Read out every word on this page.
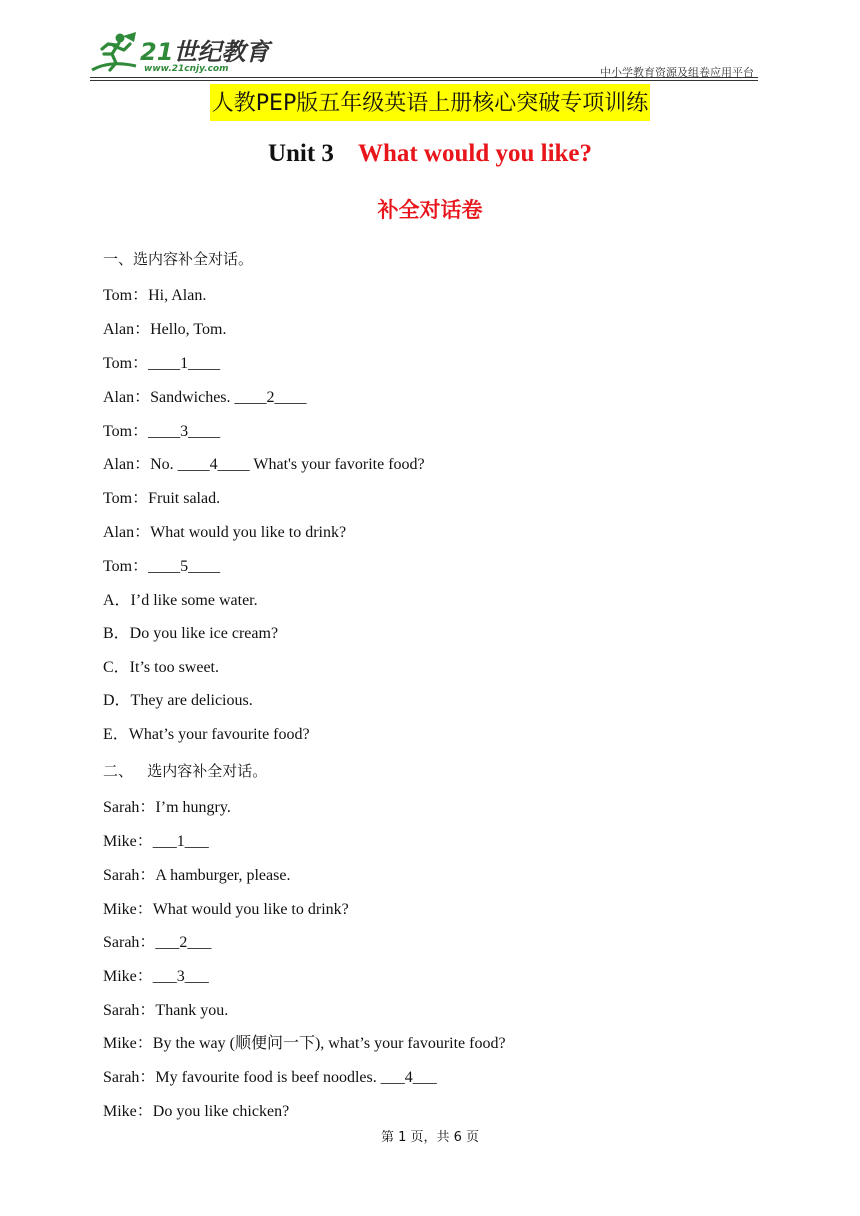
21世纪教育
www.21cnjy.com	中小学教育资源及组卷应用平台
人教PEP版五年级英语上册核心突破专项训练
Unit 3 What would you like?
补全对话卷
一、选内容补全对话。
Tom：Hi, Alan.
Alan：Hello, Tom.
Tom：____1____
Alan：Sandwiches. ____2____
Tom：____3____
Alan：No. ____4____ What's your favorite food?
Tom：Fruit salad.
Alan：What would you like to drink?
Tom：____5____
A．I’d like some water.
B．Do you like ice cream?
C．It’s too sweet.
D．They are delicious.
E．What’s your favourite food?
二、   选内容补全对话。
Sarah：I’m hungry.
Mike：___1___
Sarah：A hamburger, please.
Mike：What would you like to drink?
Sarah：___2___
Mike：___3___
Sarah：Thank you.
Mike：By the way (顺便问一下), what’s your favourite food?
Sarah：My favourite food is beef noodles. ___4___
Mike：Do you like chicken?
第 1 页，共 6 页
